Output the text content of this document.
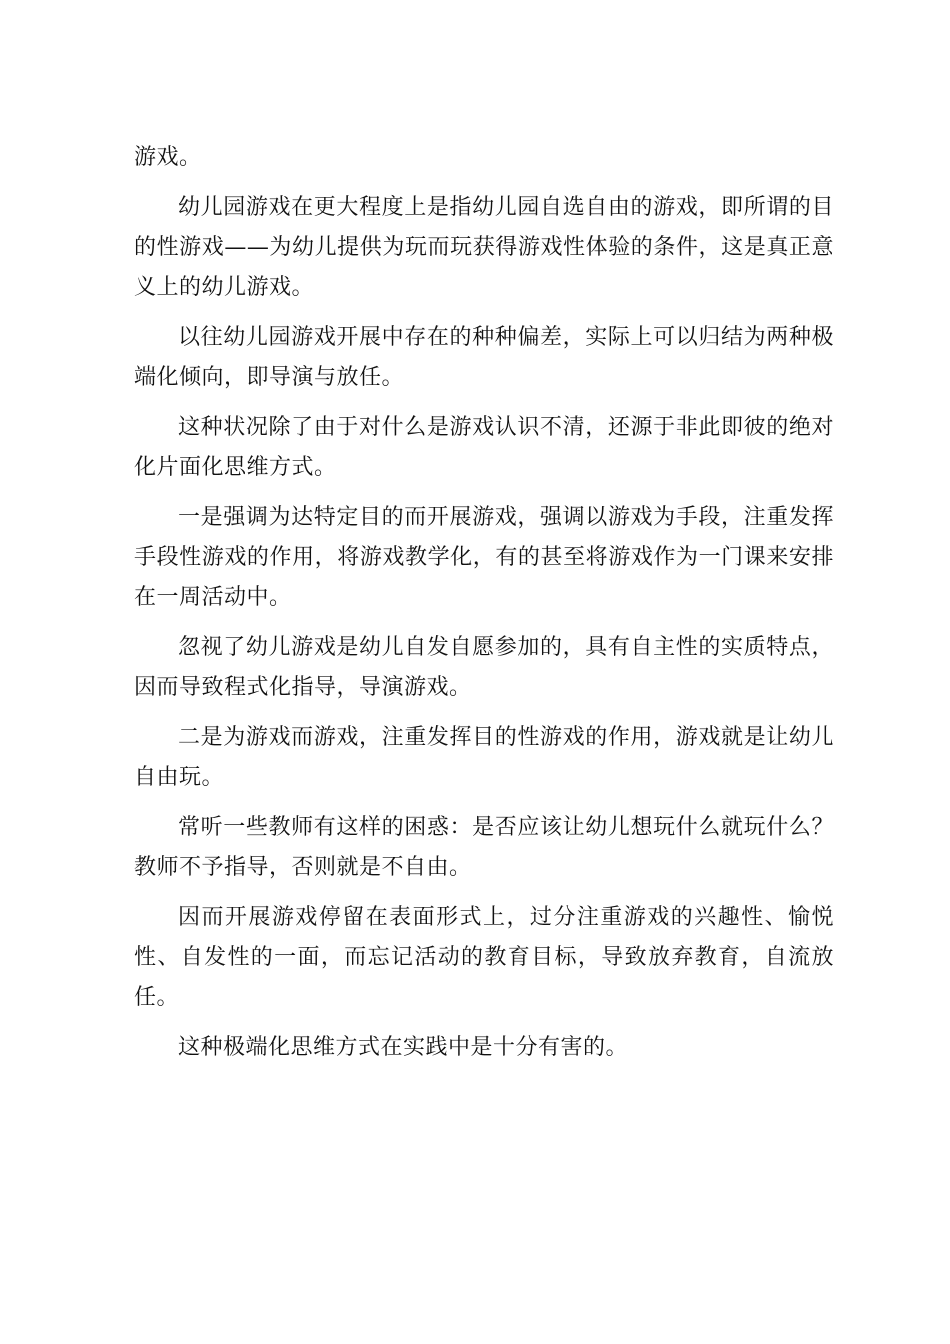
游戏。

幼儿园游戏在更大程度上是指幼儿园自选自由的游戏，即所谓的目的性游戏——为幼儿提供为玩而玩获得游戏性体验的条件，这是真正意义上的幼儿游戏。

以往幼儿园游戏开展中存在的种种偏差，实际上可以归结为两种极端化倾向，即导演与放任。

这种状况除了由于对什么是游戏认识不清，还源于非此即彼的绝对化片面化思维方式。

一是强调为达特定目的而开展游戏，强调以游戏为手段，注重发挥手段性游戏的作用，将游戏教学化，有的甚至将游戏作为一门课来安排在一周活动中。

忽视了幼儿游戏是幼儿自发自愿参加的，具有自主性的实质特点，因而导致程式化指导，导演游戏。

二是为游戏而游戏，注重发挥目的性游戏的作用，游戏就是让幼儿自由玩。

常听一些教师有这样的困惑：是否应该让幼儿想玩什么就玩什么？教师不予指导，否则就是不自由。

因而开展游戏停留在表面形式上，过分注重游戏的兴趣性、愉悦性、自发性的一面，而忘记活动的教育目标，导致放弃教育，自流放任。

这种极端化思维方式在实践中是十分有害的。
